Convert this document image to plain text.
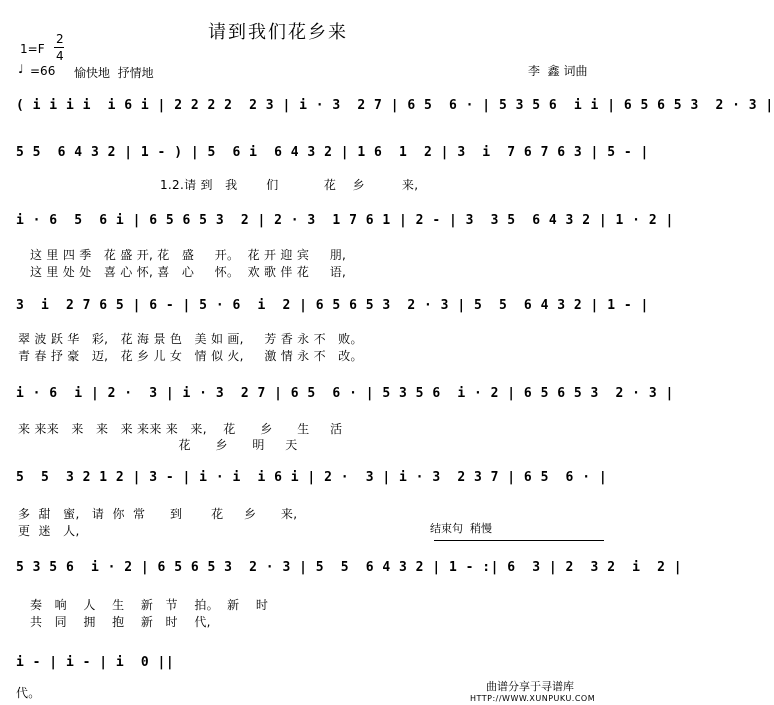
请到我们花乡来
1=F
2
4
♩ =66 愉快地  抒情地	李  鑫 词曲
( i i i i  i 6 i | 2 2 2 2  2 3 | i · 3  2 7 | 6 5  6 · | 5 3 5 6  i i | 6 5 6 5 3  2 · 3 |
5 5  6 4 3 2 | 1 - ) | 5  6 i  6 4 3 2 | 1 6  1  2 | 3  i  7 6 7 6 3 | 5 - |
1.2.请 到   我       们           花    乡         来,
i · 6  5  6 i | 6 5 6 5 3  2 | 2 · 3  1 7 6 1 | 2 - | 3  3 5  6 4 3 2 | 1 · 2 |
这 里 四 季   花 盛 开, 花   盛     开。  花 开 迎 宾     朋,
这 里 处 处   喜 心 怀, 喜   心     怀。  欢 歌 伴 花     语,
3  i  2 7 6 5 | 6 - | 5 · 6  i  2 | 6 5 6 5 3  2 · 3 | 5  5  6 4 3 2 | 1 - |
翠 波 跃 华   彩,   花 海 景 色   美 如 画,     芳 香 永 不   败。
青 春 抒 豪   迈,   花 乡 儿 女   情 似 火,     激 情 永 不   改。
i · 6  i | 2 ·  3 | i · 3  2 7 | 6 5  6 · | 5 3 5 6  i · 2 | 6 5 6 5 3  2 · 3 |
来 来来   来   来   来 来来 来   来,    花      乡      生     活
花      乡      明     天
5  5  3 2 1 2 | 3 - | i · i  i 6 i | 2 ·  3 | i · 3  2 3 7 | 6 5  6 · |
多  甜   蜜,   请  你  常      到       花     乡      来,
更  迷   人,	结束句  稍慢
5 3 5 6  i · 2 | 6 5 6 5 3  2 · 3 | 5  5  6 4 3 2 | 1 - :| 6  3 | 2  3 2  i  2 |
奏   响    人    生    新   节    拍。  新    时
共   同    拥    抱    新   时    代,
i - | i - | i  0 ||
代。	曲谱分享于寻谱库
HTTP://WWW.XUNPUKU.COM
